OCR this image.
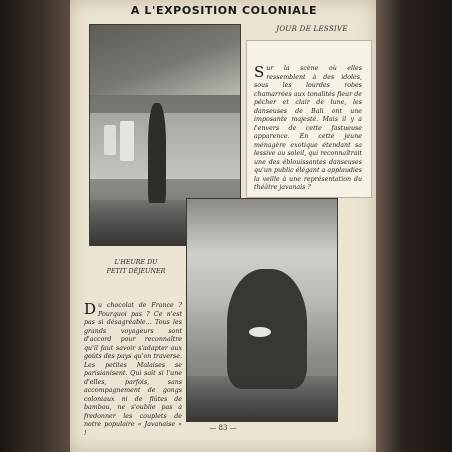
A L'EXPOSITION COLONIALE
JOUR DE LESSIVE
Sur la scène où elles ressemblent à des idoles, sous les lourdes robes chamarrées aux tonalités fleur de pêcher et clair de lune, les danseuses de Bali ont une imposante majesté. Mais il y a l'envers de cette fastueuse apparence. En cette jeune ménagère exotique étendant sa lessive au soleil, qui reconnaîtrait une des éblouissantes danseuses qu'un public élégant a applaudies la veille à une représentation du théâtre javanais ?
L'HEURE DU
PETIT DÉJEUNER
Du chocolat de France ? Pourquoi pas ? Ce n'est pas si désagréable... Tous les grands voyageurs sont d'accord pour reconnaître qu'il faut savoir s'adapter aux goûts des pays qu'on traverse. Les petites Malaises se parisianisent. Qui sait si l'une d'elles, parfois, sans accompagnement de gongs coloniaux ni de flûtes de bambou, ne s'oublie pas à fredonner les couplets de notre populaire « Javanaise » !
— 83 —
